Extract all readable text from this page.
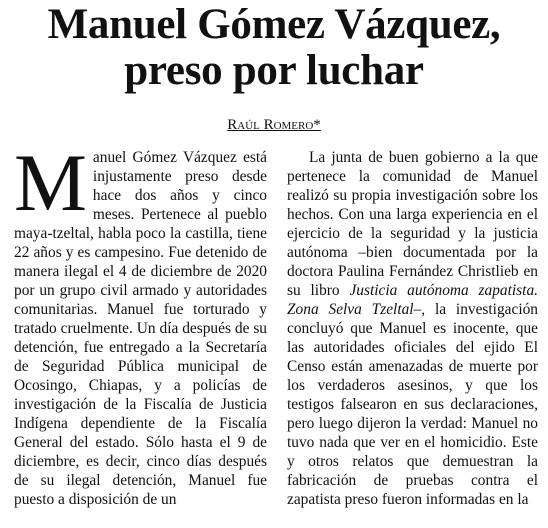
Manuel Gómez Vázquez,
preso por luchar
Raúl Romero*

Manuel Gómez Vázquez está injustamente preso desde hace dos años y cinco meses. Pertenece al pueblo maya-tzeltal, habla poco la castilla, tiene 22 años y es campesino. Fue detenido de manera ilegal el 4 de diciembre de 2020 por un grupo civil armado y autoridades comunitarias. Manuel fue torturado y tratado cruelmente. Un día después de su detención, fue entregado a la Secretaría de Seguridad Pública municipal de Ocosingo, Chiapas, y a policías de investigación de la Fiscalía de Justicia Indígena dependiente de la Fiscalía General del estado. Sólo hasta el 9 de diciembre, es decir, cinco días después de su ilegal detención, Manuel fue puesto a disposición de un

La junta de buen gobierno a la que pertenece la comunidad de Manuel realizó su propia investigación sobre los hechos. Con una larga experiencia en el ejercicio de la seguridad y la justicia autónoma –bien documentada por la doctora Paulina Fernández Christlieb en su libro Justicia autónoma zapatista. Zona Selva Tzeltal–, la investigación concluyó que Manuel es inocente, que las autoridades oficiales del ejido El Censo están amenazadas de muerte por los verdaderos asesinos, y que los testigos falsearon en sus declaraciones, pero luego dijeron la verdad: Manuel no tuvo nada que ver en el homicidio. Este y otros relatos que demuestran la fabricación de pruebas contra el zapatista preso fueron informadas en la
